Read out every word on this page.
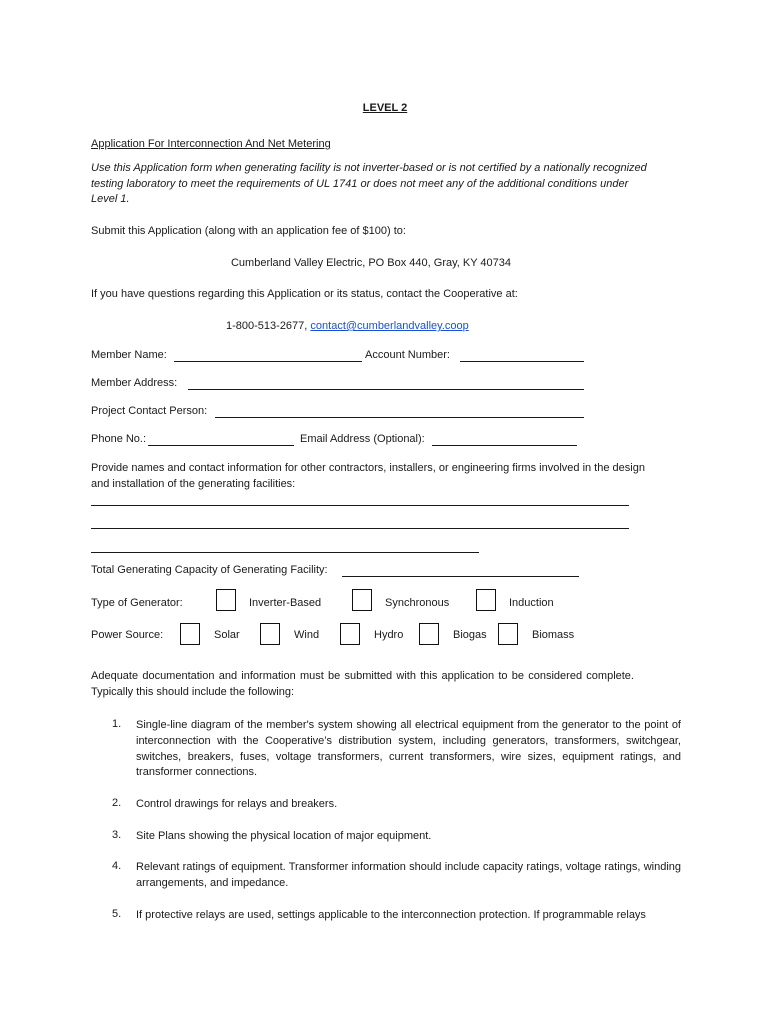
LEVEL 2
Application For Interconnection And Net Metering
Use this Application form when generating facility is not inverter-based or is not certified by a nationally recognized testing laboratory to meet the requirements of UL 1741 or does not meet any of the additional conditions under Level 1.
Submit this Application (along with an application fee of $100) to:
Cumberland Valley Electric, PO Box 440, Gray, KY 40734
If you have questions regarding this Application or its status, contact the Cooperative at:
1-800-513-2677, contact@cumberlandvalley.coop
Member Name:	Account Number:
Member Address:
Project Contact Person:
Phone No.:	Email Address (Optional):
Provide names and contact information for other contractors, installers, or engineering firms involved in the design and installation of the generating facilities:
Total Generating Capacity of Generating Facility:
Type of Generator:	Inverter-Based	Synchronous	Induction
Power Source:	Solar	Wind	Hydro	Biogas	Biomass
Adequate documentation and information must be submitted with this application to be considered complete. Typically this should include the following:
1. Single-line diagram of the member's system showing all electrical equipment from the generator to the point of interconnection with the Cooperative’s distribution system, including generators, transformers, switchgear, switches, breakers, fuses, voltage transformers, current transformers, wire sizes, equipment ratings, and transformer connections.
2. Control drawings for relays and breakers.
3. Site Plans showing the physical location of major equipment.
4. Relevant ratings of equipment. Transformer information should include capacity ratings, voltage ratings, winding arrangements, and impedance.
5. If protective relays are used, settings applicable to the interconnection protection. If programmable relays
